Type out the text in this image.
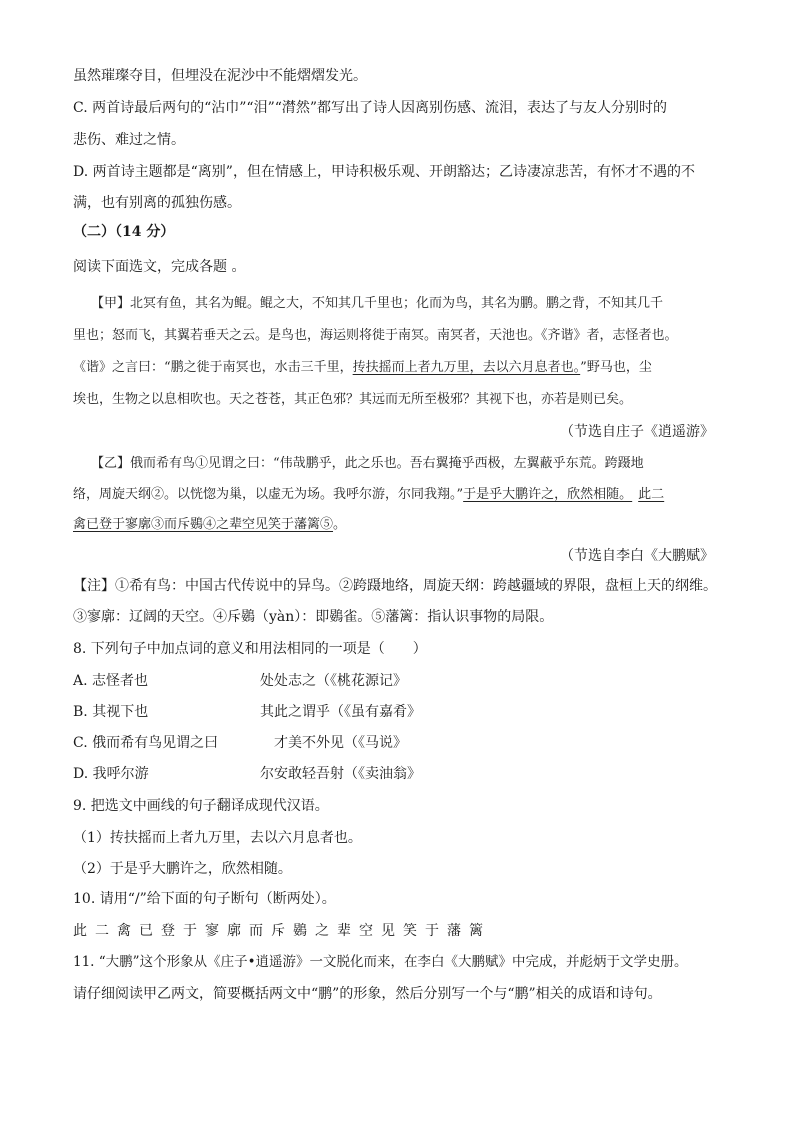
虽然璀璨夺目，但埋没在泥沙中不能熠熠发光。
C. 两首诗最后两句的“沾巾”“泪”“潸然”都写出了诗人因离别伤感、流泪，表达了与友人分别时的
悲伤、难过之情。
D. 两首诗主题都是“离别”，但在情感上，甲诗积极乐观、开朗豁达；乙诗凄凉悲苦，有怀才不遇的不
满，也有别离的孤独伤感。
（二）（14 分）
阅读下面选文，完成各题 。
【甲】北冥有鱼，其名为鲲。鲲之大，不知其几千里也；化而为鸟，其名为鹏。鹏之背，不知其几千
里也；怒而飞，其翼若垂天之云。是鸟也，海运则将徙于南冥。南冥者，天池也。《齐谐》者，志怪者也。
《谐》之言曰：“鹏之徙于南冥也，水击三千里，抟扶摇而上者九万里，去以六月息者也。”野马也，尘
埃也，生物之以息相吹也。天之苍苍，其正色邪？其远而无所至极邪？其视下也，亦若是则已矣。
（节选自庄子《逍遥游》
【乙】俄而希有鸟①见谓之曰：“伟哉鹏乎，此之乐也。吾右翼掩乎西极，左翼蔽乎东荒。跨蹑地
络，周旋天纲②。以恍惚为巢，以虚无为场。我呼尔游，尔同我翔。”于是乎大鹏许之，欣然相随。 此二
禽已登于寥廓③而斥鷃④之辈空见笑于藩篱⑤。
（节选自李白《大鹏赋》
【注】①希有鸟：中国古代传说中的异鸟。②跨蹑地络，周旋天纲：跨越疆域的界限，盘桓上天的纲维。
③寥廓：辽阔的天空。④斥鷃（yàn）：即鷃雀。⑤藩篱：指认识事物的局限。
8. 下列句子中加点词的意义和用法相同的一项是（　　）
A. 志怪者也	处处志之（《桃花源记》
B. 其视下也	其此之谓乎（《虽有嘉肴》
C. 俄而希有鸟见谓之曰	才美不外见（《马说》
D. 我呼尔游	尔安敢轻吾射（《卖油翁》
9. 把选文中画线的句子翻译成现代汉语。
（1）抟扶摇而上者九万里，去以六月息者也。
（2）于是乎大鹏许之，欣然相随。
10. 请用“/”给下面的句子断句（断两处）。
此二禽已登于寥廓而斥鷃之辈空见笑于藩篱
11. “大鹏”这个形象从《庄子•逍遥游》一文脱化而来，在李白《大鹏赋》中完成，并彪炳于文学史册。
请仔细阅读甲乙两文，简要概括两文中“鹏”的形象，然后分别写一个与“鹏”相关的成语和诗句。
